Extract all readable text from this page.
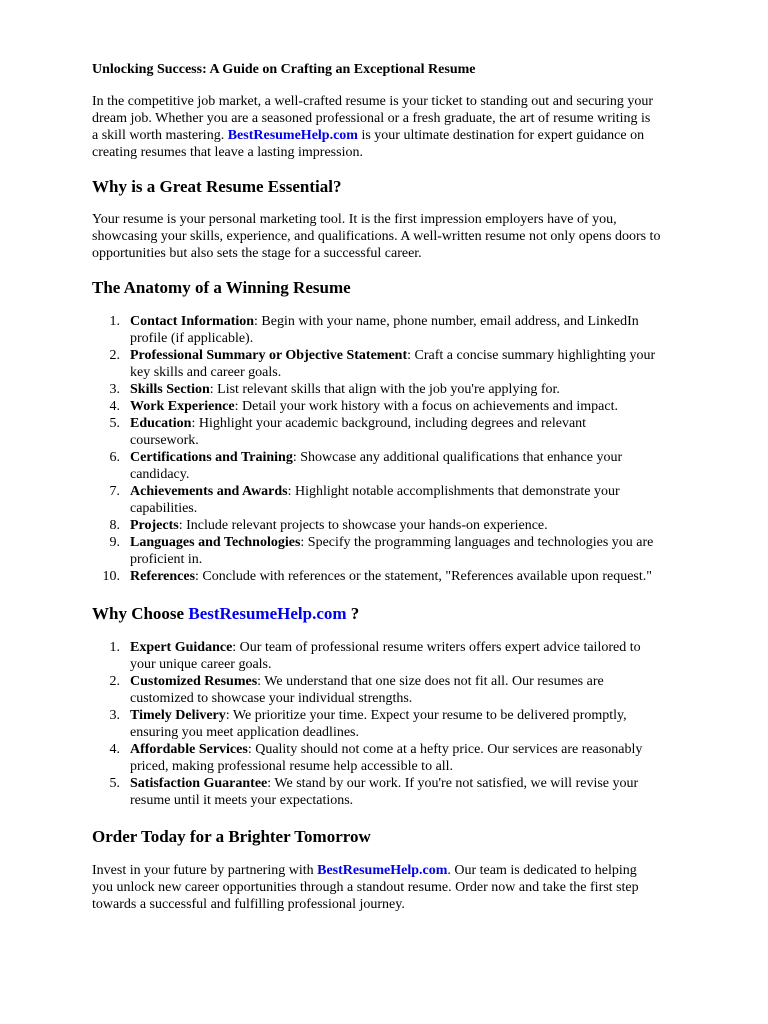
Unlocking Success: A Guide on Crafting an Exceptional Resume

In the competitive job market, a well-crafted resume is your ticket to standing out and securing your
dream job. Whether you are a seasoned professional or a fresh graduate, the art of resume writing is
a skill worth mastering. BestResumeHelp.com is your ultimate destination for expert guidance on
creating resumes that leave a lasting impression.

Why is a Great Resume Essential?

Your resume is your personal marketing tool. It is the first impression employers have of you,
showcasing your skills, experience, and qualifications. A well-written resume not only opens doors to
opportunities but also sets the stage for a successful career.

The Anatomy of a Winning Resume
1. Contact Information: Begin with your name, phone number, email address, and LinkedIn
profile (if applicable).
2. Professional Summary or Objective Statement: Craft a concise summary highlighting your
key skills and career goals.
3. Skills Section: List relevant skills that align with the job you're applying for.
4. Work Experience: Detail your work history with a focus on achievements and impact.
5. Education: Highlight your academic background, including degrees and relevant
coursework.
6. Certifications and Training: Showcase any additional qualifications that enhance your
candidacy.
7. Achievements and Awards: Highlight notable accomplishments that demonstrate your
capabilities.
8. Projects: Include relevant projects to showcase your hands-on experience.
9. Languages and Technologies: Specify the programming languages and technologies you are
proficient in.
10. References: Conclude with references or the statement, "References available upon request."
Why Choose BestResumeHelp.com ?
1. Expert Guidance: Our team of professional resume writers offers expert advice tailored to
your unique career goals.
2. Customized Resumes: We understand that one size does not fit all. Our resumes are
customized to showcase your individual strengths.
3. Timely Delivery: We prioritize your time. Expect your resume to be delivered promptly,
ensuring you meet application deadlines.
4. Affordable Services: Quality should not come at a hefty price. Our services are reasonably
priced, making professional resume help accessible to all.
5. Satisfaction Guarantee: We stand by our work. If you're not satisfied, we will revise your
resume until it meets your expectations.
Order Today for a Brighter Tomorrow

Invest in your future by partnering with BestResumeHelp.com. Our team is dedicated to helping
you unlock new career opportunities through a standout resume. Order now and take the first step
towards a successful and fulfilling professional journey.
